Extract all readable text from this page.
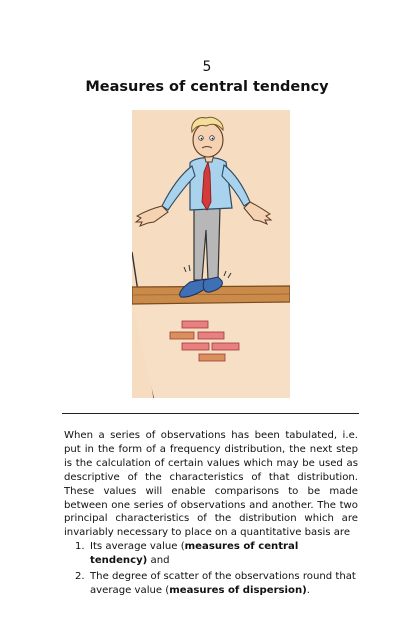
5
Measures of central tendency

When a series of observations has been tabulated, i.e. put in the form of a frequency distribution, the next step is the calculation of certain values which may be used as descriptive of the characteristics of that distribution. These values will enable comparisons to be made between one series of observations and another. The two principal characteristics of the distribution which are invariably necessary to place on a quantitative basis are

1. Its average value (measures of central tendency) and
2. The degree of scatter of the observations round that average value (measures of dispersion).
